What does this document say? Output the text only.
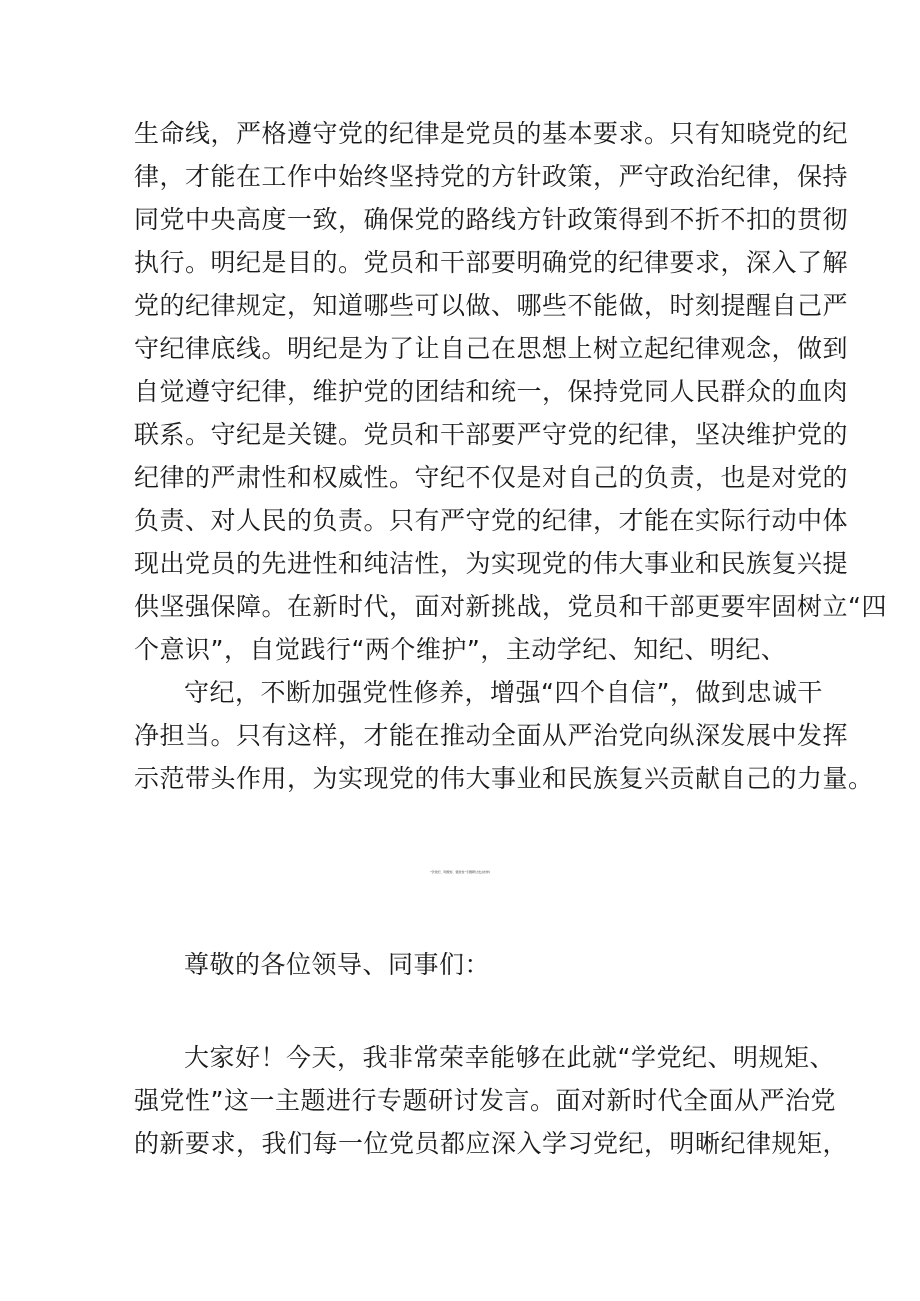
生命线，严格遵守党的纪律是党员的基本要求。只有知晓党的纪
律，才能在工作中始终坚持党的方针政策，严守政治纪律，保持
同党中央高度一致，确保党的路线方针政策得到不折不扣的贯彻
执行。明纪是目的。党员和干部要明确党的纪律要求，深入了解
党的纪律规定，知道哪些可以做、哪些不能做，时刻提醒自己严
守纪律底线。明纪是为了让自己在思想上树立起纪律观念，做到
自觉遵守纪律，维护党的团结和统一，保持党同人民群众的血肉
联系。守纪是关键。党员和干部要严守党的纪律，坚决维护党的
纪律的严肃性和权威性。守纪不仅是对自己的负责，也是对党的
负责、对人民的负责。只有严守党的纪律，才能在实际行动中体
现出党员的先进性和纯洁性，为实现党的伟大事业和民族复兴提
供坚强保障。在新时代，面对新挑战，党员和干部更要牢固树立“四
个意识”，自觉践行“两个维护”，主动学纪、知纪、明纪、
守纪，不断加强党性修养，增强“四个自信”，做到忠诚干
净担当。只有这样，才能在推动全面从严治党向纵深发展中发挥
示范带头作用，为实现党的伟大事业和民族复兴贡献自己的力量。
“学党纪、明规矩、强党性”专题研讨发言材料
尊敬的各位领导、同事们：
大家好！今天，我非常荣幸能够在此就“学党纪、明规矩、
强党性”这一主题进行专题研讨发言。面对新时代全面从严治党
的新要求，我们每一位党员都应深入学习党纪，明晰纪律规矩，
